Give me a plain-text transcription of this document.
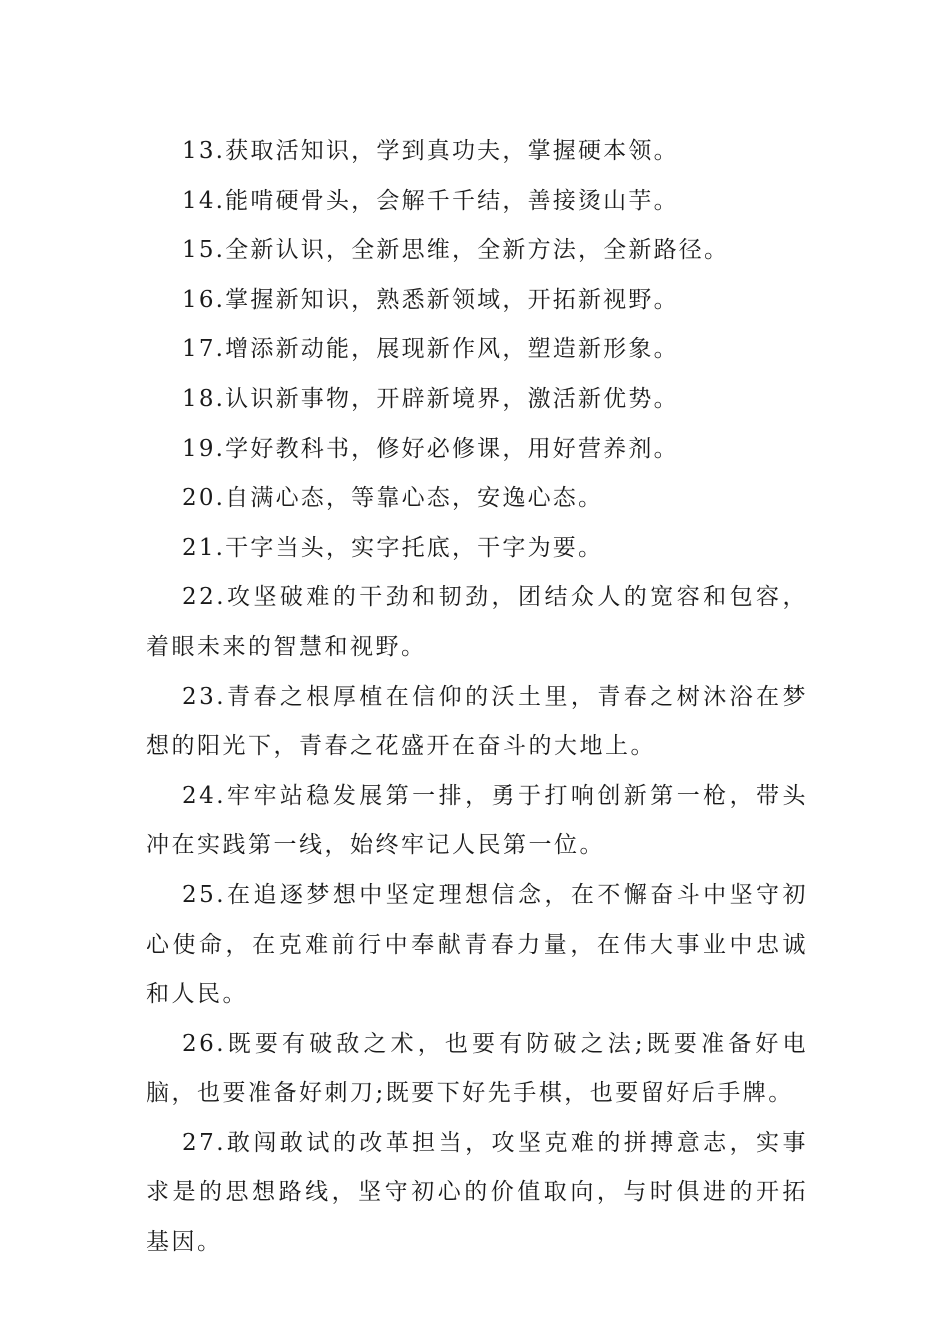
13.获取活知识，学到真功夫，掌握硬本领。

14.能啃硬骨头，会解千千结，善接烫山芋。

15.全新认识，全新思维，全新方法，全新路径。

16.掌握新知识，熟悉新领域，开拓新视野。

17.增添新动能，展现新作风，塑造新形象。

18.认识新事物，开辟新境界，激活新优势。

19.学好教科书，修好必修课，用好营养剂。

20.自满心态，等靠心态，安逸心态。

21.干字当头，实字托底，干字为要。

22.攻坚破难的干劲和韧劲，团结众人的宽容和包容，着眼未来的智慧和视野。

23.青春之根厚植在信仰的沃土里，青春之树沐浴在梦想的阳光下，青春之花盛开在奋斗的大地上。

24.牢牢站稳发展第一排，勇于打响创新第一枪，带头冲在实践第一线，始终牢记人民第一位。

25.在追逐梦想中坚定理想信念，在不懈奋斗中坚守初心使命，在克难前行中奉献青春力量，在伟大事业中忠诚和人民。

26.既要有破敌之术，也要有防破之法;既要准备好电脑，也要准备好刺刀;既要下好先手棋，也要留好后手牌。

27.敢闯敢试的改革担当，攻坚克难的拼搏意志，实事求是的思想路线，坚守初心的价值取向，与时俱进的开拓基因。
